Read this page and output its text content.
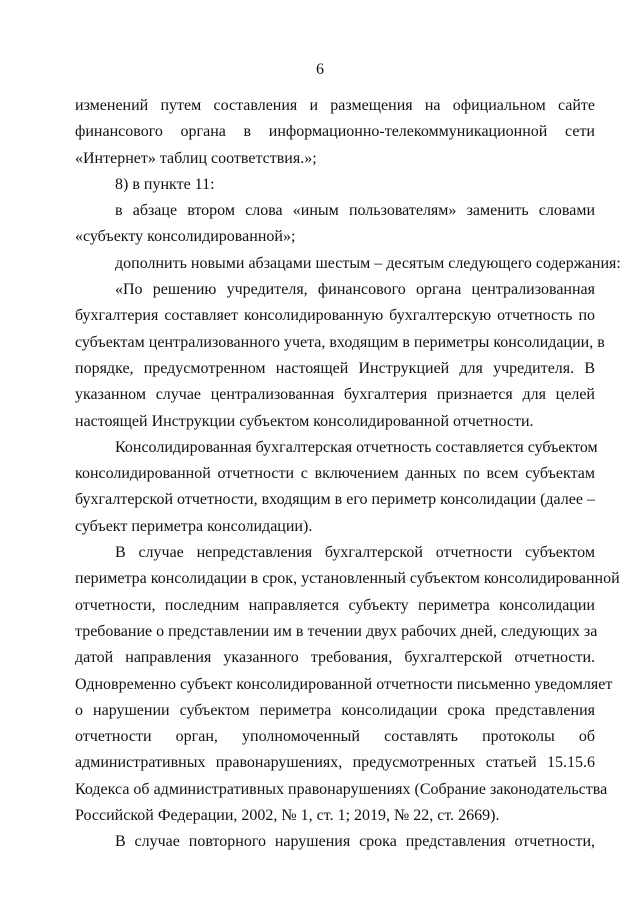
6
изменений путем составления и размещения на официальном сайте
финансового органа в информационно-телекоммуникационной сети
«Интернет» таблиц соответствия.»;
8) в пункте 11:
в абзаце втором слова «иным пользователям» заменить словами
«субъекту консолидированной»;
дополнить новыми абзацами шестым – десятым следующего содержания:
«По решению учредителя, финансового органа централизованная
бухгалтерия составляет консолидированную бухгалтерскую отчетность по
субъектам централизованного учета, входящим в периметры консолидации, в
порядке, предусмотренном настоящей Инструкцией для учредителя. В
указанном случае централизованная бухгалтерия признается для целей
настоящей Инструкции субъектом консолидированной отчетности.
Консолидированная бухгалтерская отчетность составляется субъектом
консолидированной отчетности с включением данных по всем субъектам
бухгалтерской отчетности, входящим в его периметр консолидации (далее –
субъект периметра консолидации).
В случае непредставления бухгалтерской отчетности субъектом
периметра консолидации в срок, установленный субъектом консолидированной
отчетности, последним направляется субъекту периметра консолидации
требование о представлении им в течении двух рабочих дней, следующих за
датой направления указанного требования, бухгалтерской отчетности.
Одновременно субъект консолидированной отчетности письменно уведомляет
о нарушении субъектом периметра консолидации срока представления
отчетности орган, уполномоченный составлять протоколы об
административных правонарушениях, предусмотренных статьей 15.15.6
Кодекса об административных правонарушениях (Собрание законодательства
Российской Федерации, 2002, № 1, ст. 1; 2019, № 22, ст. 2669).
В случае повторного нарушения срока представления отчетности,
